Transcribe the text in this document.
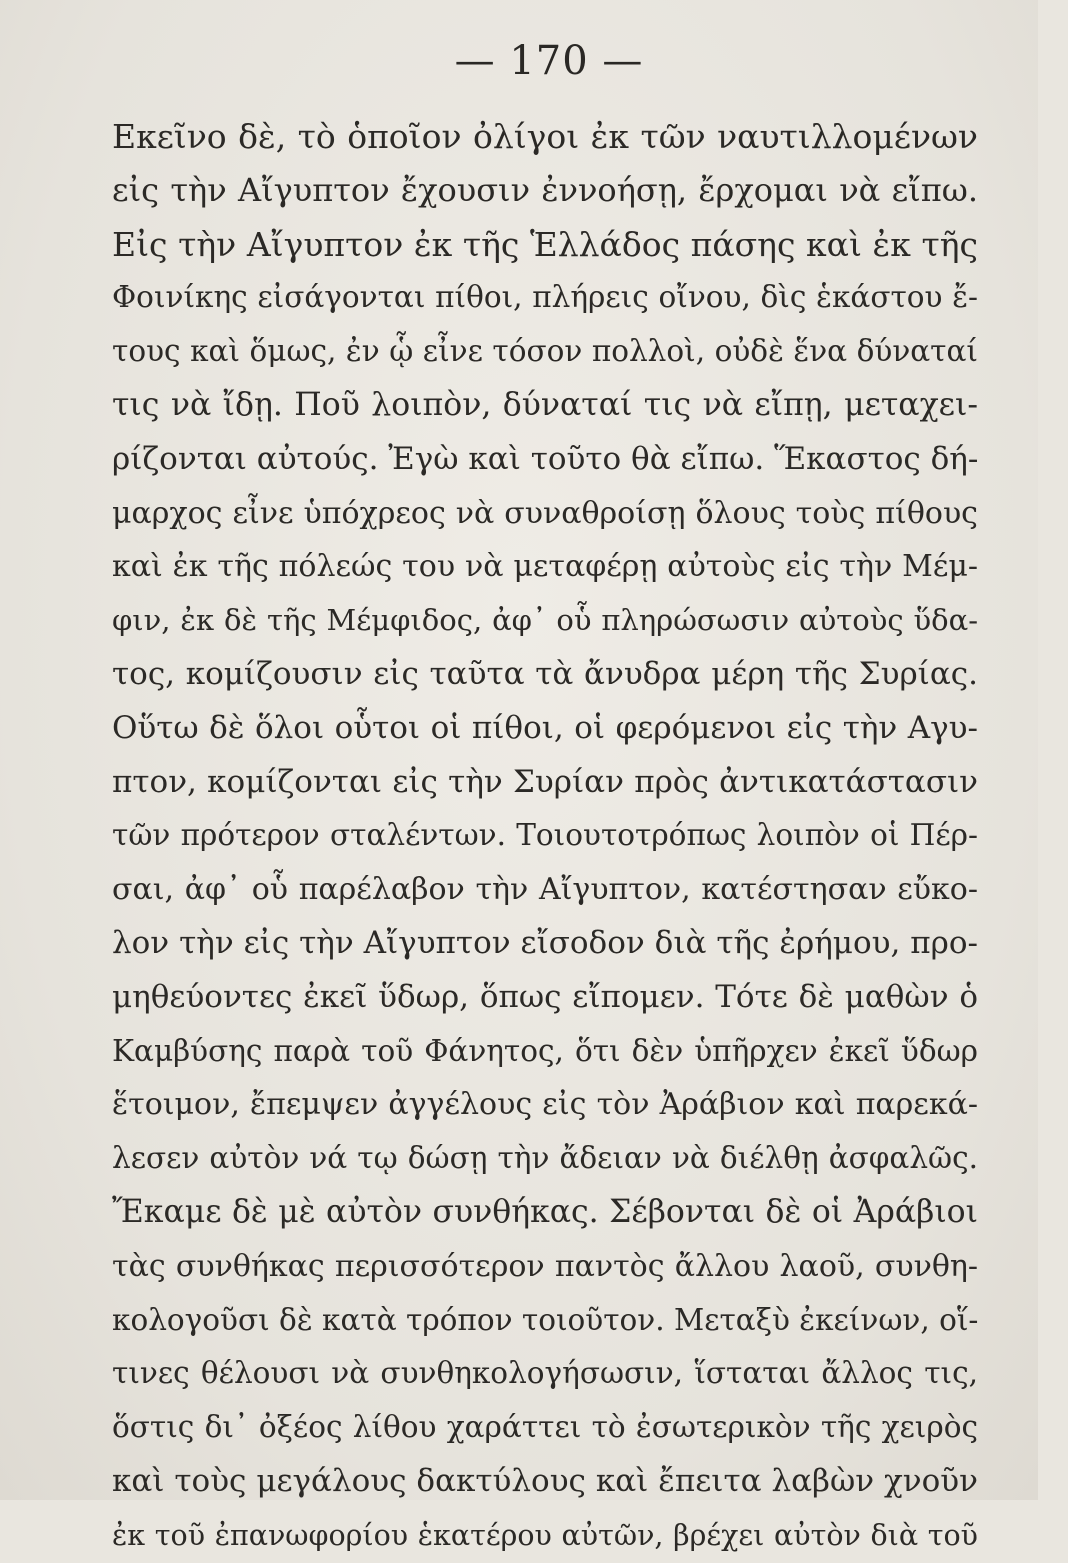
— 170 —
Εκεῖνο δὲ, τὸ ὁποῖον ὀλίγοι ἐκ τῶν ναυτιλλομένων
εἰς τὴν Αἴγυπτον ἔχουσιν ἐννοήσῃ, ἔρχομαι νὰ εἴπω.
Εἰς τὴν Αἴγυπτον ἐκ τῆς Ἑλλάδος πάσης καὶ ἐκ τῆς
Φοινίκης εἰσάγονται πίθοι, πλήρεις οἴνου, δὶς ἑκάστου ἔ-
τους καὶ ὅμως, ἐν ᾧ εἶνε τόσον πολλοὶ, οὐδὲ ἕνα δύναταί
τις νὰ ἴδῃ. Ποῦ λοιπὸν, δύναταί τις νὰ εἴπῃ, μεταχει-
ρίζονται αὐτούς. Ἐγὼ καὶ τοῦτο θὰ εἴπω. Ἕκαστος δή-
μαρχος εἶνε ὑπόχρεος νὰ συναθροίσῃ ὅλους τοὺς πίθους
καὶ ἐκ τῆς πόλεώς του νὰ μεταφέρῃ αὐτοὺς εἰς τὴν Μέμ-
φιν, ἐκ δὲ τῆς Μέμφιδος, ἀφ᾽ οὗ πληρώσωσιν αὐτοὺς ὕδα-
τος, κομίζουσιν εἰς ταῦτα τὰ ἄνυδρα μέρη τῆς Συρίας.
Οὕτω δὲ ὅλοι οὗτοι οἱ πίθοι, οἱ φερόμενοι εἰς τὴν Αγυ-
πτον, κομίζονται εἰς τὴν Συρίαν πρὸς ἀντικατάστασιν
τῶν πρότερον σταλέντων. Τοιουτοτρόπως λοιπὸν οἱ Πέρ-
σαι, ἀφ᾽ οὗ παρέλαβον τὴν Αἴγυπτον, κατέστησαν εὔκο-
λον τὴν εἰς τὴν Αἴγυπτον εἴσοδον διὰ τῆς ἐρήμου, προ-
μηθεύοντες ἐκεῖ ὕδωρ, ὅπως εἴπομεν. Τότε δὲ μαθὼν ὁ
Καμβύσης παρὰ τοῦ Φάνητος, ὅτι δὲν ὑπῆρχεν ἐκεῖ ὕδωρ
ἕτοιμον, ἔπεμψεν ἀγγέλους εἰς τὸν Ἀράβιον καὶ παρεκά-
λεσεν αὐτὸν νά τῳ δώσῃ τὴν ἄδειαν νὰ διέλθῃ ἀσφαλῶς.
Ἔκαμε δὲ μὲ αὐτὸν συνθήκας. Σέβονται δὲ οἱ Ἀράβιοι
τὰς συνθήκας περισσότερον παντὸς ἄλλου λαοῦ, συνθη-
κολογοῦσι δὲ κατὰ τρόπον τοιοῦτον. Μεταξὺ ἐκείνων, οἵ-
τινες θέλουσι νὰ συνθηκολογήσωσιν, ἵσταται ἄλλος τις,
ὅστις δι᾽ ὀξέος λίθου χαράττει τὸ ἐσωτερικὸν τῆς χειρὸς
καὶ τοὺς μεγάλους δακτύλους καὶ ἔπειτα λαβὼν χνοῦν
ἐκ τοῦ ἐπανωφορίου ἑκατέρου αὐτῶν, βρέχει αὐτὸν διὰ τοῦ
